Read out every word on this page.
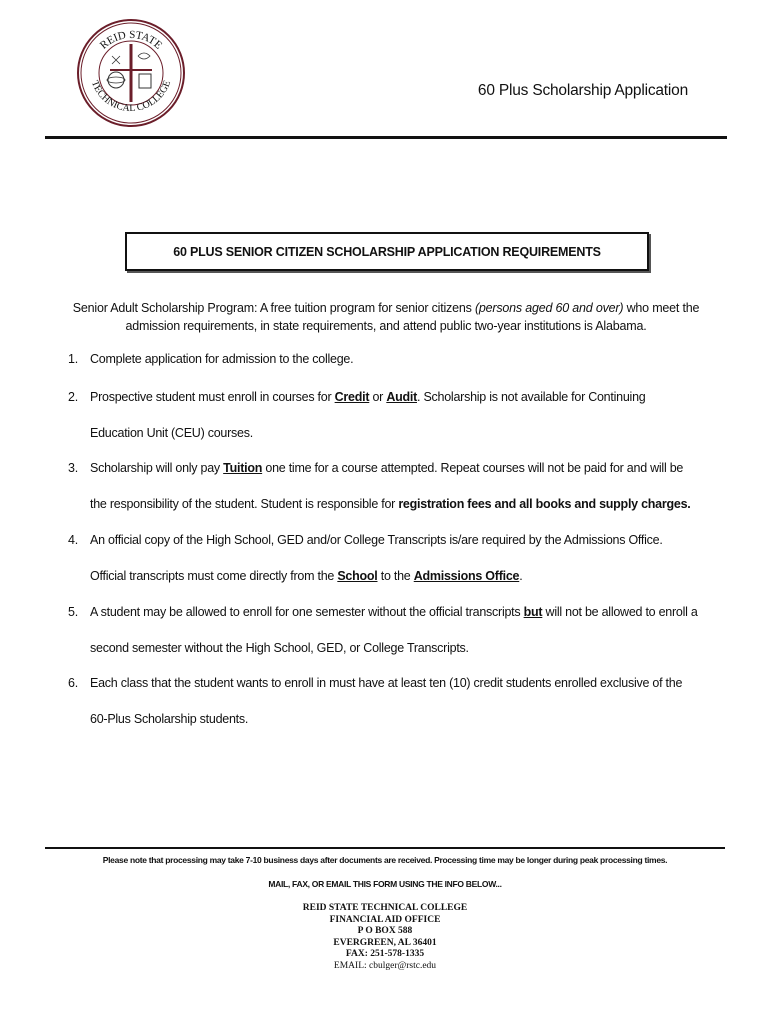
REID STATE
TECHNICAL COLLEGE	60 Plus Scholarship Application
60 PLUS SENIOR CITIZEN SCHOLARSHIP APPLICATION REQUIREMENTS
Senior Adult Scholarship Program: A free tuition program for senior citizens (persons aged 60 and over) who meet the
admission requirements, in state requirements, and attend public two-year institutions is Alabama.
1. Complete application for admission to the college.
2. Prospective student must enroll in courses for Credit or Audit. Scholarship is not available for Continuing
Education Unit (CEU) courses.
3. Scholarship will only pay Tuition one time for a course attempted. Repeat courses will not be paid for and will be
the responsibility of the student. Student is responsible for registration fees and all books and supply charges.
4. An official copy of the High School, GED and/or College Transcripts is/are required by the Admissions Office.
Official transcripts must come directly from the School to the Admissions Office.
5. A student may be allowed to enroll for one semester without the official transcripts but will not be allowed to enroll a
second semester without the High School, GED, or College Transcripts.
6. Each class that the student wants to enroll in must have at least ten (10) credit students enrolled exclusive of the
60-Plus Scholarship students.
Please note that processing may take 7-10 business days after documents are received. Processing time may be longer during peak processing times.
MAIL, FAX, OR EMAIL THIS FORM USING THE INFO BELOW...
REID STATE TECHNICAL COLLEGE
FINANCIAL AID OFFICE
P O BOX 588
EVERGREEN, AL 36401
FAX: 251-578-1335
EMAIL: cbulger@rstc.edu
